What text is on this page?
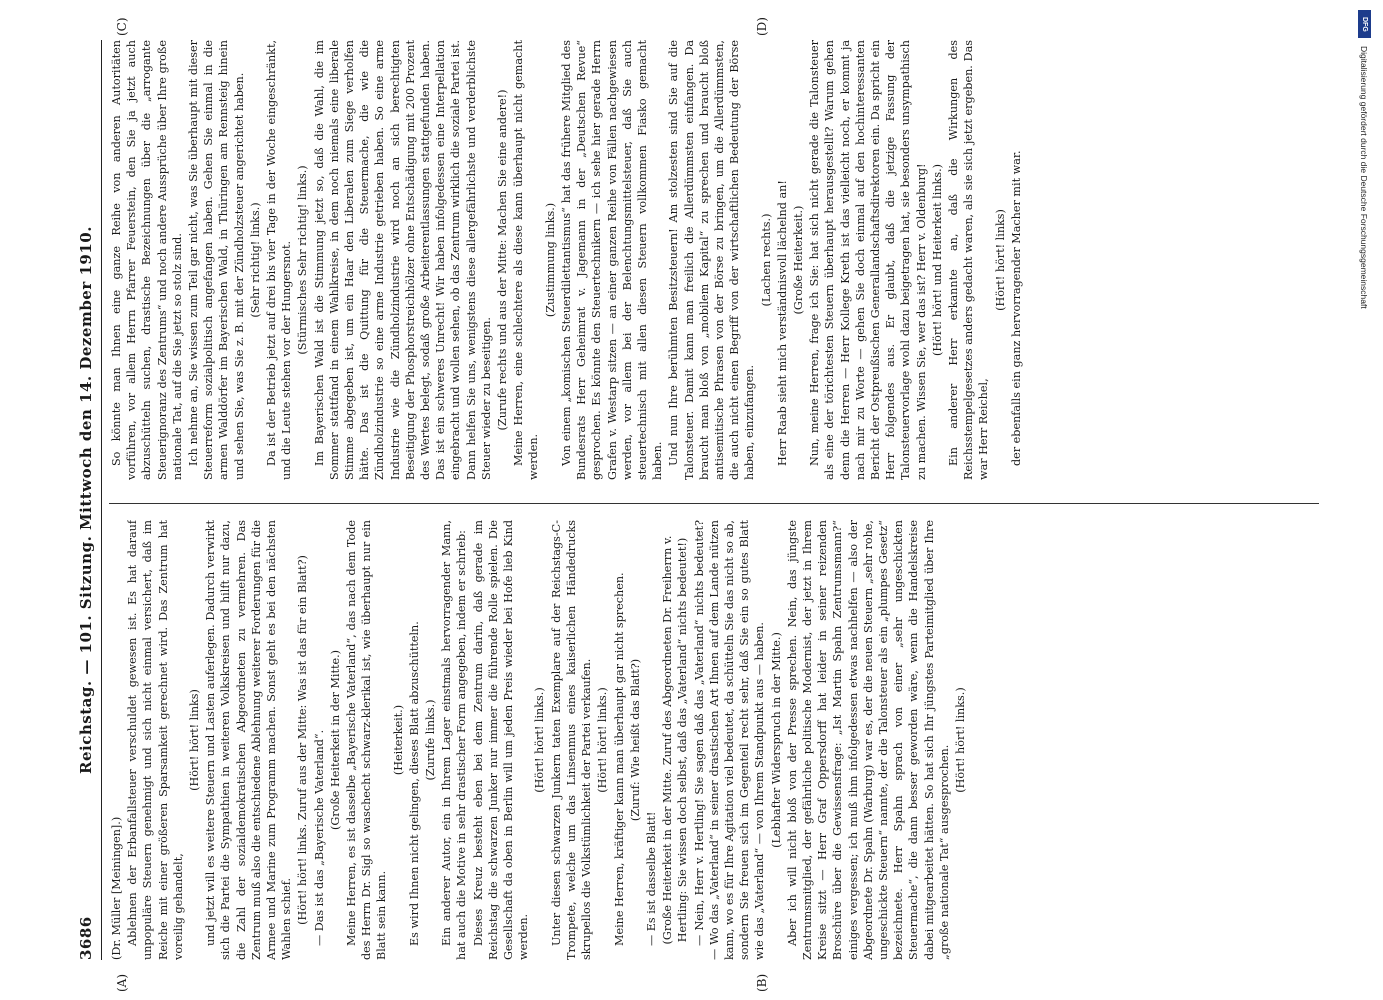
3686
Reichstag. — 101. Sitzung. Mittwoch den 14. Dezember 1910.
(A)	(B)
(C)	(D)

(Dr. Müller [Meiningen].) Ablehnen der Erbanfallsteuer verschuldet gewesen ist. Es hat darauf unpopuläre Steuern genehmigt und sich nicht einmal versichert, daß im Reiche mit einer größeren Sparsamkeit gerechnet wird. Das Zentrum hat voreilig gehandelt,

(Hört! hört! links) und jetzt will es weitere Steuern und Lasten auferlegen. Dadurch verwirkt sich die Partei die Sympathien in weiteren Volkskreisen und hilft nur dazu, die Zahl der sozialdemokratischen Abgeordneten zu vermehren. Das Zentrum muß also die entschiedene Ablehnung weiterer Forderungen für die Armee und Marine zum Programm machen. Sonst geht es bei den nächsten Wahlen schief. (Hört! hört! links. Zuruf aus der Mitte: Was ist das für ein Blatt?) — Das ist das „Bayerische Vaterland“. (Große Heiterkeit in der Mitte.) Meine Herren, es ist dasselbe „Bayerische Vaterland“, das nach dem Tode des Herrn Dr. Sigl so waschecht schwarz-klerikal ist, wie überhaupt nur ein Blatt sein kann.

(Heiterkeit.) Es wird Ihnen nicht gelingen, dieses Blatt abzuschütteln. (Zurufe links.) Ein anderer Autor, ein in Ihrem Lager einstmals hervorragender Mann, hat auch die Motive in sehr drastischer Form angegeben, indem er schrieb: Dieses Kreuz besteht eben bei dem Zentrum darin, daß gerade im Reichstag die schwarzen Junker nur immer die führende Rolle spielen. Die Gesellschaft da oben in Berlin will um jeden Preis wieder bei Hofe lieb Kind werden.

(Hört! hört! links.) Unter diesen schwarzen Junkern taten Exemplare auf der Reichstags-C-Trompete, welche um das Linsenmus eines kaiserlichen Händedrucks skrupellos die Volkstümlichkeit der Partei verkaufen. (Hört! hört! links.) Meine Herren, kräftiger kann man überhaupt gar nicht sprechen. (Zuruf: Wie heißt das Blatt?)

— Es ist dasselbe Blatt! (Große Heiterkeit in der Mitte. Zuruf des Abgeordneten Dr. Freiherrn v. Hertling: Sie wissen doch selbst, daß das „Vaterland“ nichts bedeutet!) — Nein, Herr v. Hertling! Sie sagen daß das „Vaterland“ nichts bedeutet? — Wo das „Vaterland“ in seiner drastischen Art Ihnen auf dem Lande nützen kann, wo es für Ihre Agitation viel bedeutet, da schütteln Sie das nicht so ab, sondern Sie freuen sich im Gegenteil recht sehr, daß Sie ein so gutes Blatt wie das „Vaterland“ — von Ihrem Standpunkt aus — haben. (Lebhafter Widerspruch in der Mitte.) Aber ich will nicht bloß von der Presse sprechen. Nein, das jüngste Zentrumsmitglied, der gefährliche politische Modernist, der jetzt in Ihrem Kreise sitzt — Herr Graf Oppersdorff hat leider in seiner reizenden Broschüre über die Gewissensfrage: „Ist Martin Spahn Zentrumsmann?“ einiges vergessen; ich muß ihm infolgedessen etwas nachhelfen — also der Abgeordnete Dr. Spahn (Warburg) war es, der die neuen Steuern „sehr rohe, ungeschickte Steuern“ nannte, der die Talonsteuer als ein „plumpes Gesetz“ bezeichnete. Herr Spahn sprach von einer „sehr ungeschickten Steuermache“, die dann besser geworden wäre, wenn die Handelskreise dabei mitgearbeitet hätten. So hat sich Ihr jüngstes Parteimitglied über Ihre „große nationale Tat“ ausgesprochen.

(Hört! hört! links.)

So könnte man Ihnen eine ganze Reihe von anderen Autoritäten vorführen, vor allem Herrn Pfarrer Feuerstein, den Sie ja jetzt auch abzuschütteln suchen, drastische Bezeichnungen über die „arrogante Steuerignoranz des Zentrums“ und noch andere Aussprüche über Ihre große nationale Tat, auf die Sie jetzt so stolz sind. Ich nehme an, Sie wissen zum Teil gar nicht, was Sie überhaupt mit dieser Steuerreform sozialpolitisch angefangen haben. Gehen Sie einmal in die armen Walddörfer im Bayerischen Wald, in Thüringen am Rennsteig hinein und sehen Sie, was Sie z. B. mit der Zündholzsteuer angerichtet haben. (Sehr richtig! links.) Da ist der Betrieb jetzt auf drei bis vier Tage in der Woche eingeschränkt, und die Leute stehen vor der Hungersnot. (Stürmisches Sehr richtig! links.) Im Bayerischen Wald ist die Stimmung jetzt so, daß die Wahl, die im Sommer stattfand in einem Wahlkreise, in dem noch niemals eine liberale Stimme abgegeben ist, um ein Haar den Liberalen zum Siege verholfen hätte. Das ist die Quittung für die Steuermache, die wie die Zündholzindustrie so eine arme Industrie getrieben haben. So eine arme Industrie wie die Zündholzindustrie wird noch an sich berechtigten Beseitigung der Phosphorstreichhölzer ohne Entschädigung mit 200 Prozent des Wertes belegt, sodaß große Arbeiterentlassungen stattgefunden haben. Das ist ein schweres Unrecht! Wir haben infolgedessen eine Interpellation eingebracht und wollen sehen, ob das Zentrum wirklich die soziale Partei ist. Dann helfen Sie uns, wenigstens diese allergefährlichste und verderblichste Steuer wieder zu beseitigen. (Zurufe rechts und aus der Mitte: Machen Sie eine andere!) Meine Herren, eine schlechtere als diese kann überhaupt nicht gemacht werden.

(Zustimmung links.) Von einem „komischen Steuerdilettantismus“ hat das frühere Mitglied des Bundesrats Herr Geheimrat v. Jagemann in der „Deutschen Revue“ gesprochen. Es könnte den Steuertechnikern — ich sehe hier gerade Herrn Grafen v. Westarp sitzen — an einer ganzen Reihe von Fällen nachgewiesen werden, vor allem bei der Belenchtungsmittelsteuer, daß Sie auch steuertechnisch mit allen diesen Steuern vollkommen Fiasko gemacht haben. Und nun Ihre berühmten Besitzsteuern! Am stolzesten sind Sie auf die Talonsteuer. Damit kann man freilich die Allerdümmsten einfangen. Da braucht man bloß von „mobilem Kapital“ zu sprechen und braucht bloß antisemitische Phrasen von der Börse zu bringen, um die Allerdümmsten, die auch nicht einen Begriff von der wirtschaftlichen Bedeutung der Börse haben, einzufangen.

(Lachen rechts.) Herr Raab sieht mich verständnisvoll lächelnd an! (Große Heiterkeit.) Nun, meine Herren, frage ich Sie: hat sich nicht gerade die Talonsteuer als eine der törichtesten Steuern überhaupt herausgestellt? Warum gehen denn die Herren — Herr Kollege Kreth ist das vielleicht noch, er kommt ja nach mir zu Worte — gehen Sie doch einmal auf den hochinteressanten Bericht der Ostpreußischen Generallandschaftsdirektoren ein. Da spricht ein Herr folgendes aus. Er glaubt, daß die jetzige Fassung der Talonsteuervorlage wohl dazu beigetragen hat, sie besonders unsympathisch zu machen. Wissen Sie, wer das ist? Herr v. Oldenburg! (Hört! hört! und Heiterkeit links.) Ein anderer Herr erkannte an, daß die Wirkungen des Reichsstempelgesetzes anders gedacht waren, als sie sich jetzt ergeben. Das war Herr Reichel,

(Hört! hört! links) der ebenfalls ein ganz hervorragender Macher mit war.

DFG
Digitalisierung gefördert durch die Deutsche Forschungsgemeinschaft
